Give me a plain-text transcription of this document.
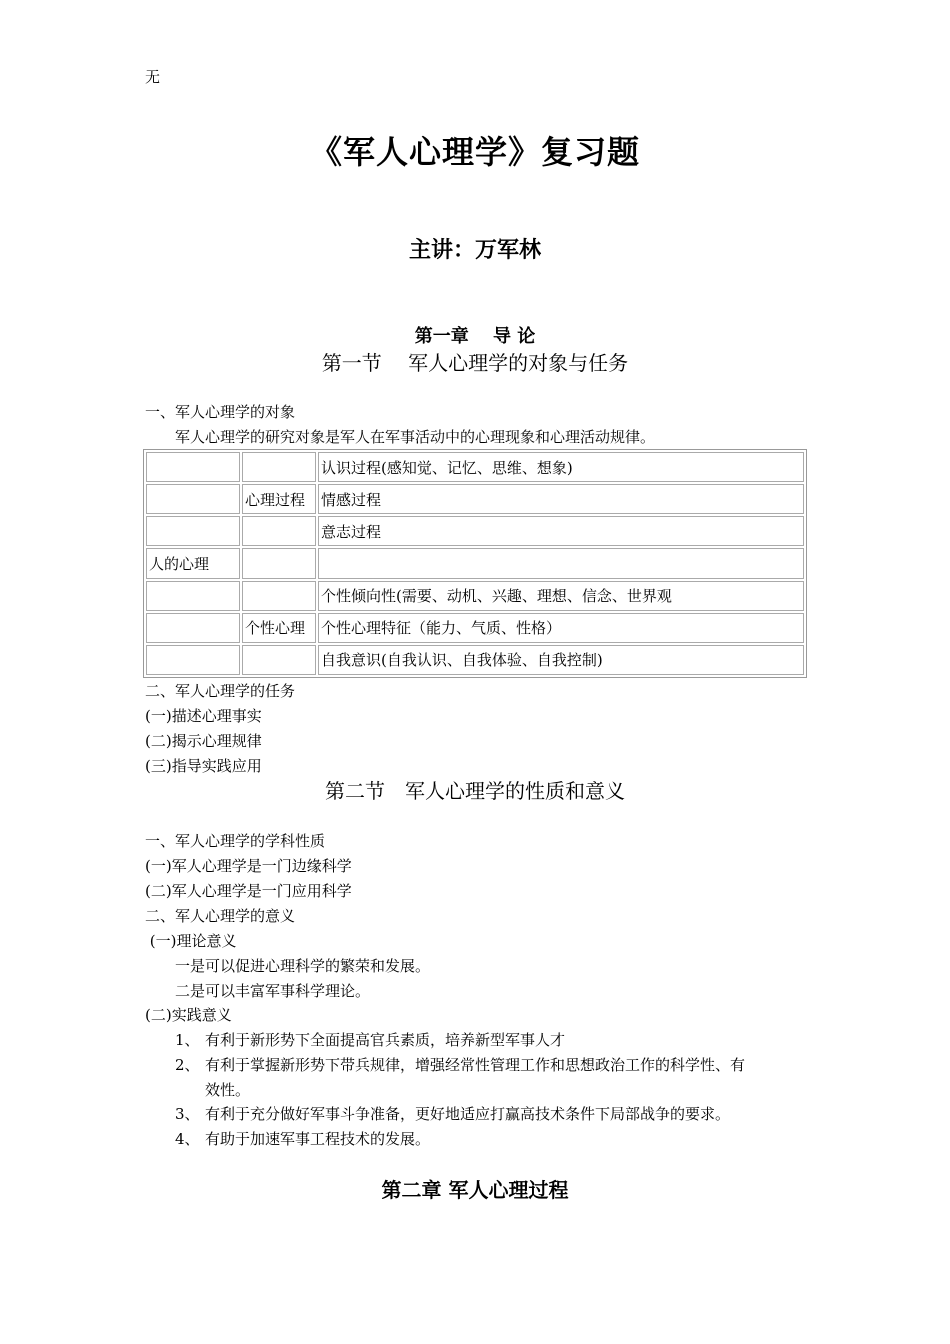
无
《军人心理学》复习题
主讲：万军林
第一章　 导 论
第一节　 军人心理学的对象与任务
一、军人心理学的对象
军人心理学的研究对象是军人在军事活动中的心理现象和心理活动规律。
		认识过程(感知觉、记忆、思维、想象)
	心理过程	情感过程
		意志过程
人的心理		
		个性倾向性(需要、动机、兴趣、理想、信念、世界观
	个性心理	个性心理特征（能力、气质、性格）
		自我意识(自我认识、自我体验、自我控制)
二、军人心理学的任务
(一)描述心理事实
(二)揭示心理规律
(三)指导实践应用
第二节　军人心理学的性质和意义
一、军人心理学的学科性质
(一)军人心理学是一门边缘科学
(二)军人心理学是一门应用科学
二、军人心理学的意义
(一)理论意义
一是可以促进心理科学的繁荣和发展。
二是可以丰富军事科学理论。
(二)实践意义
1、 有利于新形势下全面提高官兵素质，培养新型军事人才
2、 有利于掌握新形势下带兵规律，增强经常性管理工作和思想政治工作的科学性、有
效性。
3、 有利于充分做好军事斗争准备，更好地适应打赢高技术条件下局部战争的要求。
4、 有助于加速军事工程技术的发展。
第二章 军人心理过程
